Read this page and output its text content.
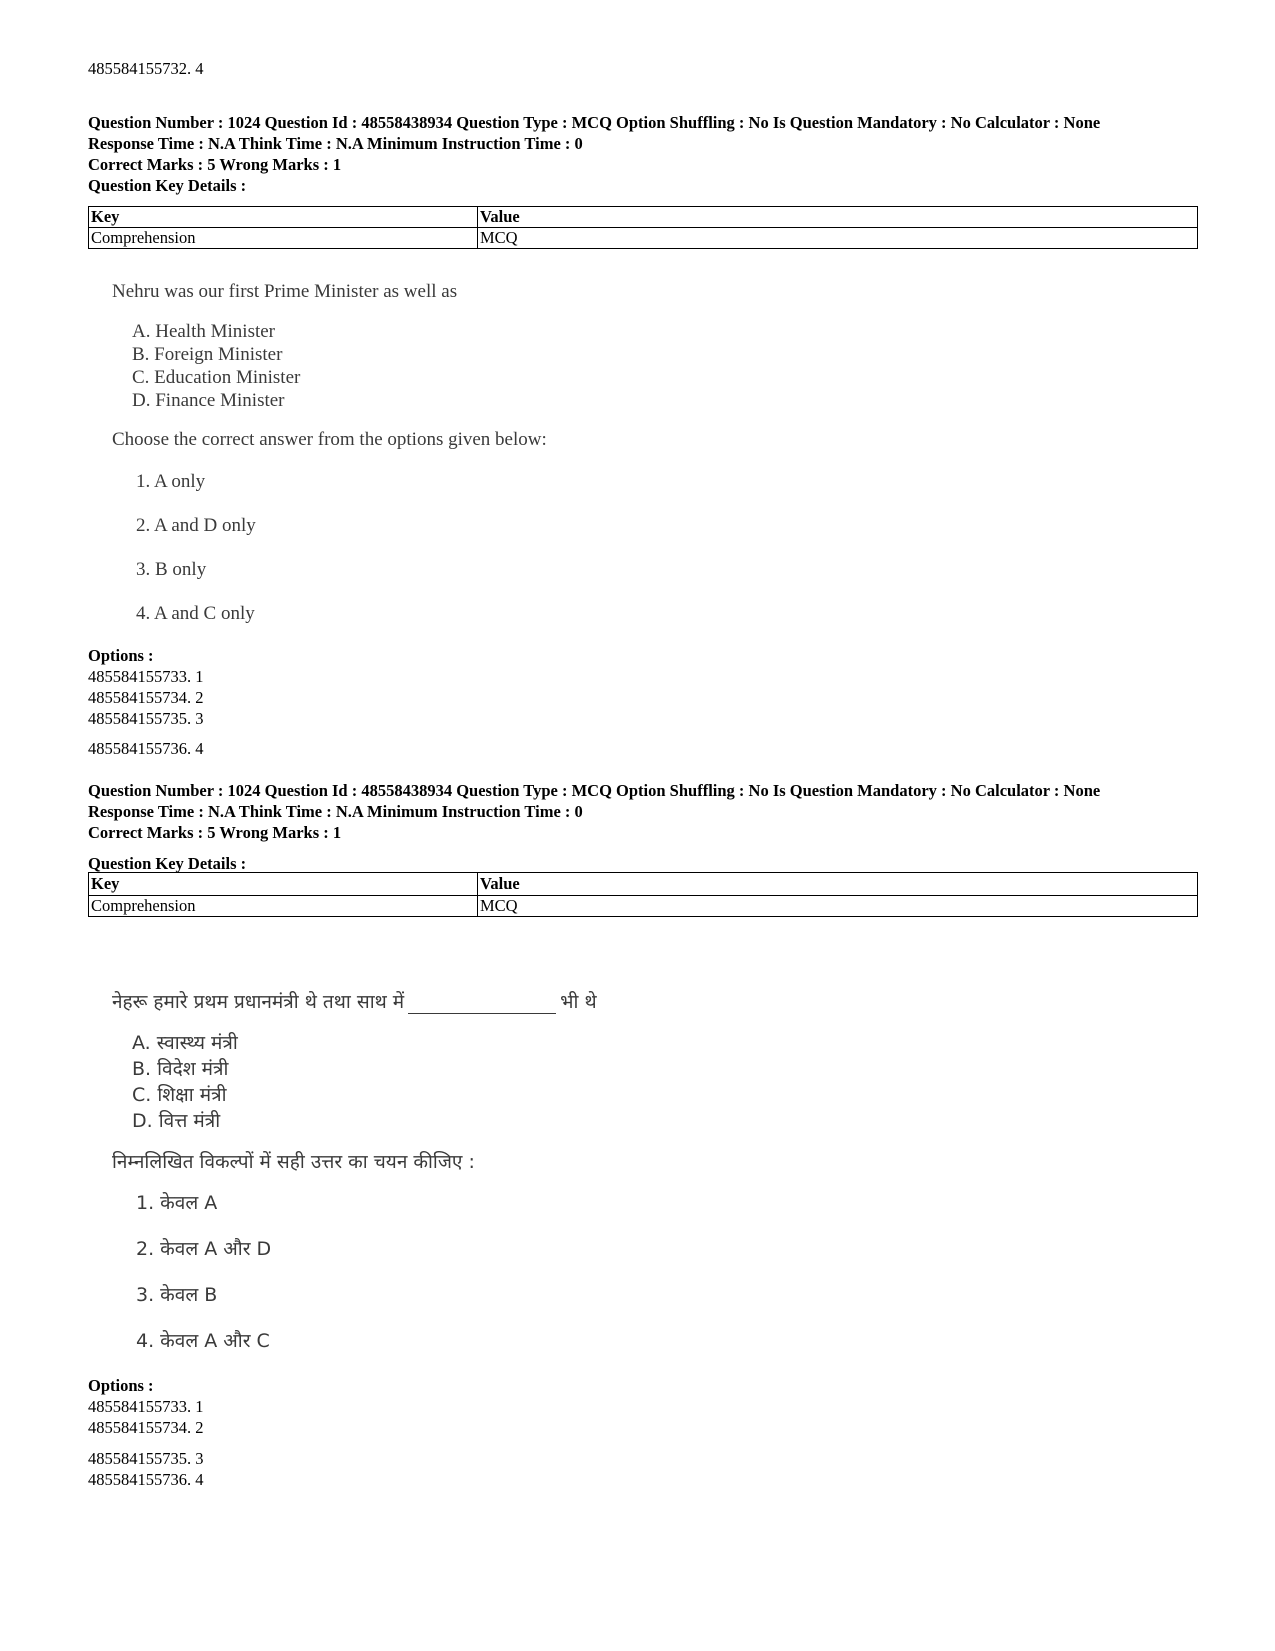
485584155732. 4
Question Number : 1024 Question Id : 48558438934 Question Type : MCQ Option Shuffling : No Is Question Mandatory : No Calculator : None
Response Time : N.A Think Time : N.A Minimum Instruction Time : 0
Correct Marks : 5 Wrong Marks : 1
Question Key Details :
Key	Value
Comprehension	MCQ
Nehru was our first Prime Minister as well as
A. Health Minister
B. Foreign Minister
C. Education Minister
D. Finance Minister
Choose the correct answer from the options given below:
1. A only
2. A and D only
3. B only
4. A and C only
Options :
485584155733. 1
485584155734. 2
485584155735. 3
485584155736. 4
Question Number : 1024 Question Id : 48558438934 Question Type : MCQ Option Shuffling : No Is Question Mandatory : No Calculator : None
Response Time : N.A Think Time : N.A Minimum Instruction Time : 0
Correct Marks : 5 Wrong Marks : 1
Question Key Details :
Key	Value
Comprehension	MCQ
नेहरू हमारे प्रथम प्रधानमंत्री थे तथा साथ में	भी थे
A. स्वास्थ्य मंत्री
B. विदेश मंत्री
C. शिक्षा मंत्री
D. वित्त मंत्री
निम्नलिखित विकल्पों में सही उत्तर का चयन कीजिए :
1. केवल A
2. केवल A और D
3. केवल B
4. केवल A और C
Options :
485584155733. 1
485584155734. 2
485584155735. 3
485584155736. 4
